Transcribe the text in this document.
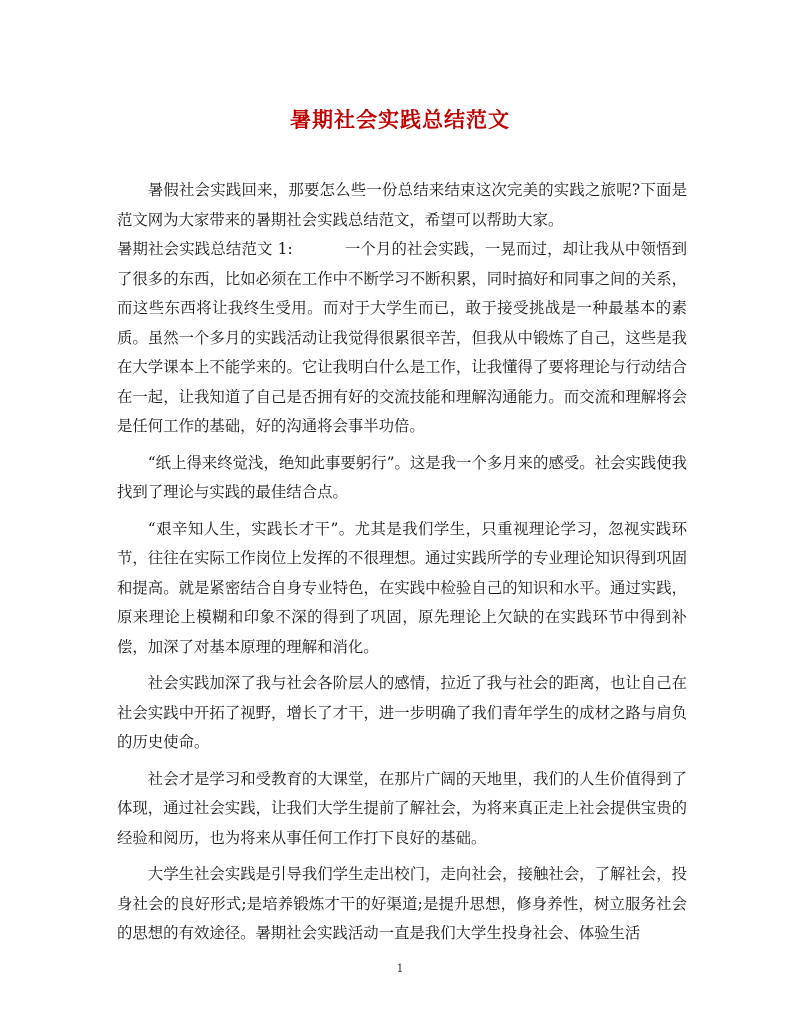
暑期社会实践总结范文

暑假社会实践回来，那要怎么些一份总结来结束这次完美的实践之旅呢?下面是范文网为大家带来的暑期社会实践总结范文，希望可以帮助大家。

暑期社会实践总结范文 1:	一个月的社会实践，一晃而过，却让我从中领悟到了很多的东西，比如必须在工作中不断学习不断积累，同时搞好和同事之间的关系，而这些东西将让我终生受用。而对于大学生而已，敢于接受挑战是一种最基本的素质。虽然一个多月的实践活动让我觉得很累很辛苦，但我从中锻炼了自己，这些是我在大学课本上不能学来的。它让我明白什么是工作，让我懂得了要将理论与行动结合在一起，让我知道了自己是否拥有好的交流技能和理解沟通能力。而交流和理解将会是任何工作的基础，好的沟通将会事半功倍。

“纸上得来终觉浅，绝知此事要躬行”。这是我一个多月来的感受。社会实践使我找到了理论与实践的最佳结合点。

“艰辛知人生，实践长才干”。尤其是我们学生，只重视理论学习，忽视实践环节，往往在实际工作岗位上发挥的不很理想。通过实践所学的专业理论知识得到巩固和提高。就是紧密结合自身专业特色，在实践中检验自己的知识和水平。通过实践，原来理论上模糊和印象不深的得到了巩固，原先理论上欠缺的在实践环节中得到补偿，加深了对基本原理的理解和消化。

社会实践加深了我与社会各阶层人的感情，拉近了我与社会的距离，也让自己在社会实践中开拓了视野，增长了才干，进一步明确了我们青年学生的成材之路与肩负的历史使命。

社会才是学习和受教育的大课堂，在那片广阔的天地里，我们的人生价值得到了体现，通过社会实践，让我们大学生提前了解社会，为将来真正走上社会提供宝贵的经验和阅历，也为将来从事任何工作打下良好的基础。

大学生社会实践是引导我们学生走出校门，走向社会，接触社会，了解社会，投身社会的良好形式;是培养锻炼才干的好渠道;是提升思想，修身养性，树立服务社会的思想的有效途径。暑期社会实践活动一直是我们大学生投身社会、体验生活

1
